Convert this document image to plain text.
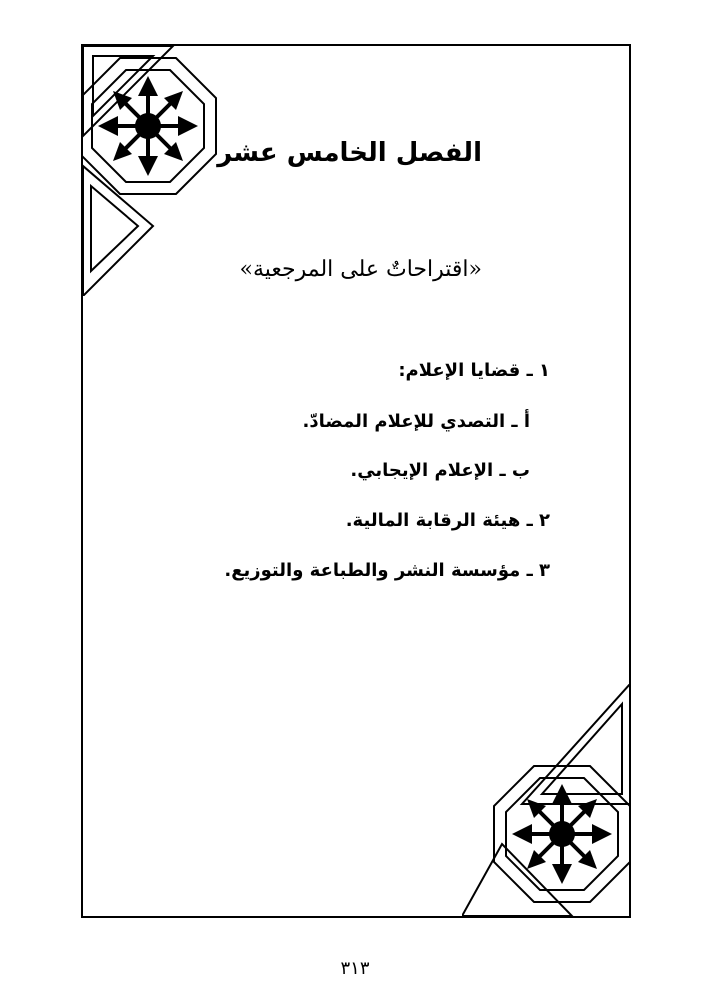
الفصل الخامس عشر
«اقتراحاتٌ على المرجعية»
١ ـ قضايا الإعلام:
أ ـ التصدي للإعلام المضادّ.
ب ـ الإعلام الإيجابي.
٢ ـ هيئة الرقابة المالية.
٣ ـ مؤسسة النشر والطباعة والتوزيع.
٣١٣
